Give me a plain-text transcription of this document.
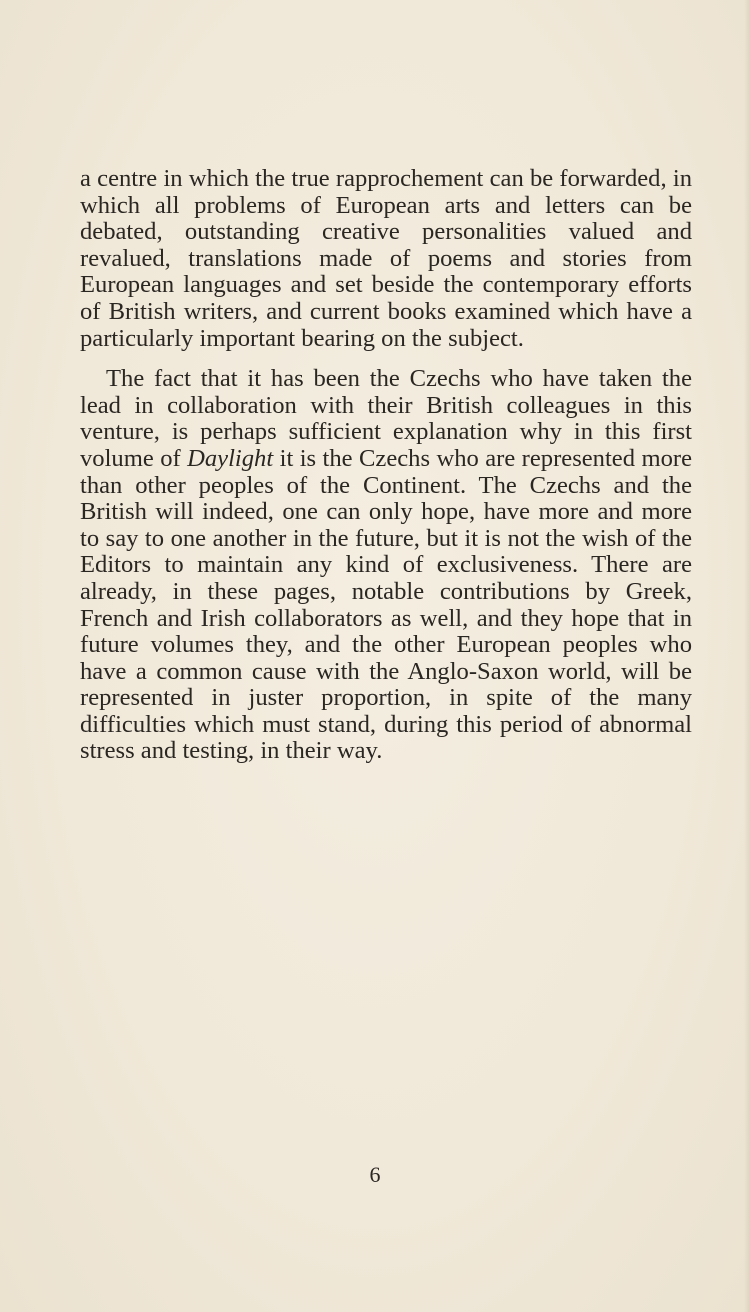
a centre in which the true rapprochement can be forwarded, in which all problems of European arts and letters can be debated, outstanding creative personalities valued and revalued, translations made of poems and stories from European languages and set beside the contemporary efforts of British writers, and current books examined which have a particularly important bearing on the subject.

The fact that it has been the Czechs who have taken the lead in collaboration with their British colleagues in this venture, is perhaps sufficient explanation why in this first volume of Daylight it is the Czechs who are represented more than other peoples of the Continent. The Czechs and the British will indeed, one can only hope, have more and more to say to one another in the future, but it is not the wish of the Editors to maintain any kind of exclusiveness. There are already, in these pages, notable contributions by Greek, French and Irish collaborators as well, and they hope that in future volumes they, and the other European peoples who have a common cause with the Anglo-Saxon world, will be represented in juster proportion, in spite of the many difficulties which must stand, during this period of abnormal stress and testing, in their way.

6
